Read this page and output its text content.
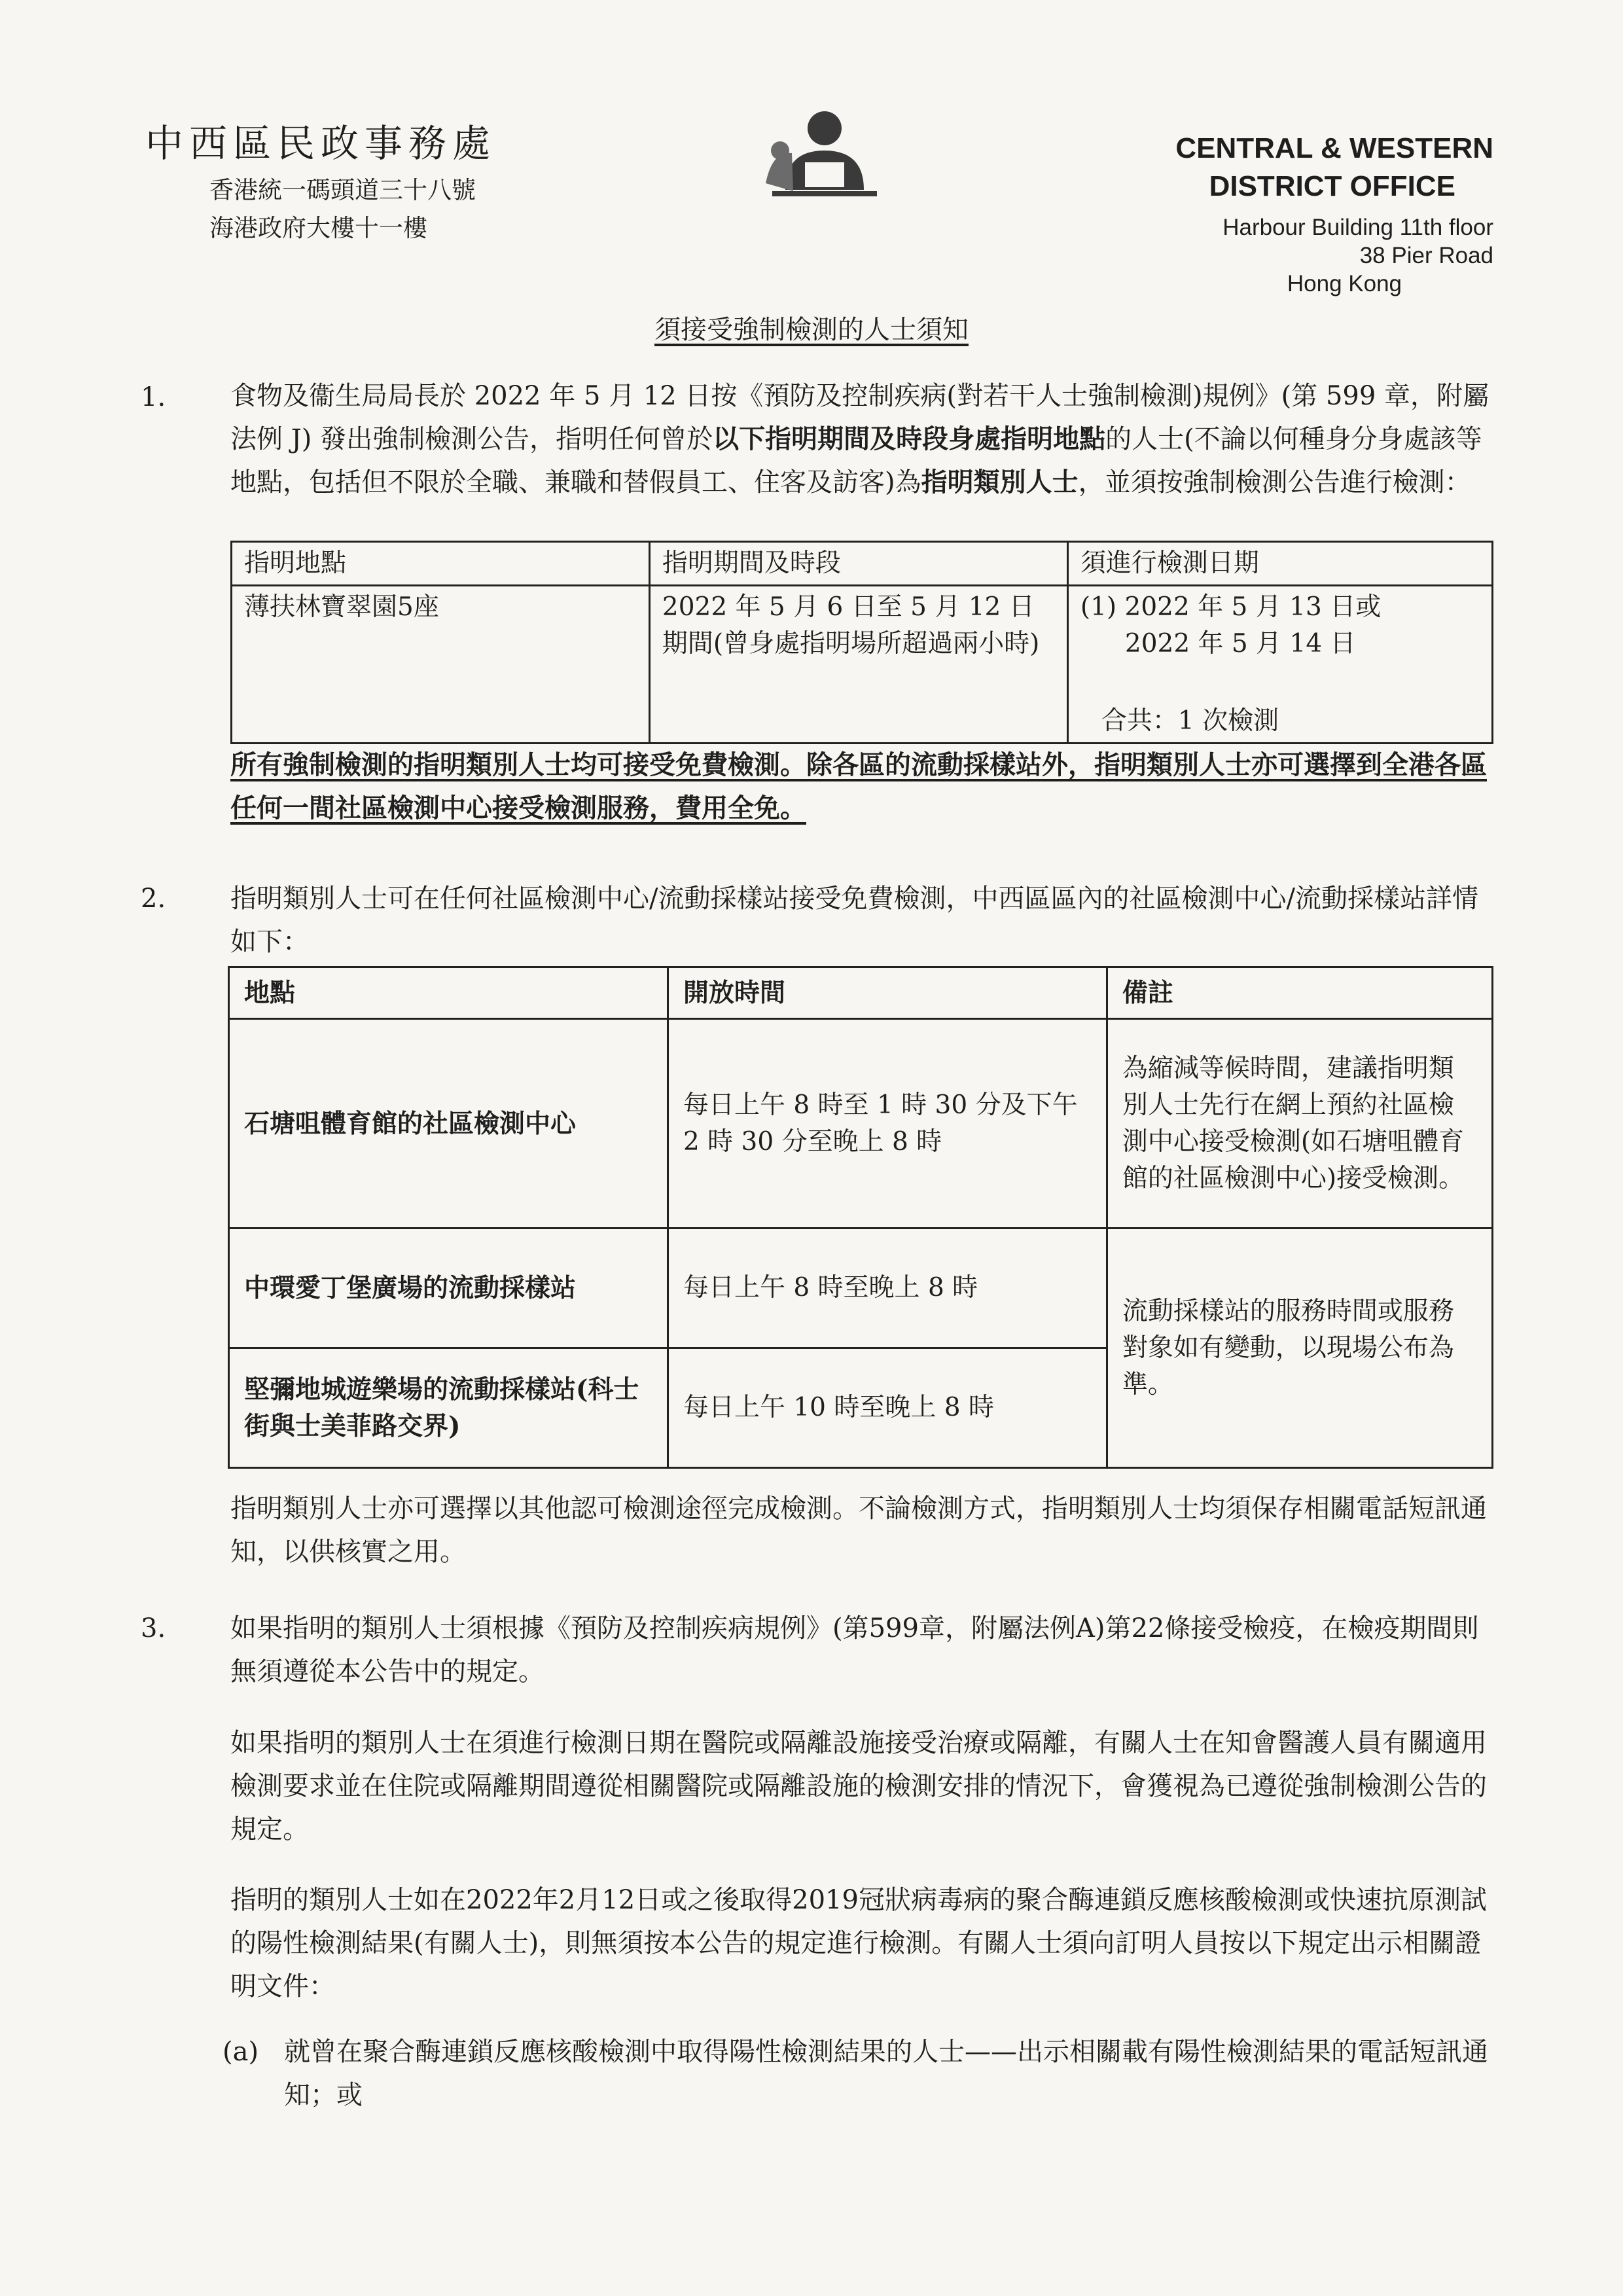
中西區民政事務處
香港統一碼頭道三十八號
海港政府大樓十一樓
CENTRAL & WESTERN
DISTRICT OFFICE
Harbour Building 11th floor
38 Pier Road
Hong Kong
須接受強制檢測的人士須知
1. 食物及衞生局局長於 2022 年 5 月 12 日按《預防及控制疾病(對若干人士強制檢測)規例》(第 599 章，附屬法例 J) 發出強制檢測公告，指明任何曾於以下指明期間及時段身處指明地點的人士(不論以何種身分身處該等地點，包括但不限於全職、兼職和替假員工、住客及訪客)為指明類別人士，並須按強制檢測公告進行檢測：
指明地點	指明期間及時段	須進行檢測日期
薄扶林寶翠園5座	2022 年 5 月 6 日至 5 月 12 日期間(曾身處指明場所超過兩小時)	(1) 2022 年 5 月 13 日或
2022 年 5 月 14 日
合共：1 次檢測
所有強制檢測的指明類別人士均可接受免費檢測。除各區的流動採樣站外，指明類別人士亦可選擇到全港各區任何一間社區檢測中心接受檢測服務，費用全免。
2. 指明類別人士可在任何社區檢測中心/流動採樣站接受免費檢測，中西區區內的社區檢測中心/流動採樣站詳情如下：
地點	開放時間	備註
石塘咀體育館的社區檢測中心	每日上午 8 時至 1 時 30 分及下午 2 時 30 分至晚上 8 時	為縮減等候時間，建議指明類別人士先行在網上預約社區檢測中心接受檢測(如石塘咀體育館的社區檢測中心)接受檢測。
中環愛丁堡廣場的流動採樣站	每日上午 8 時至晚上 8 時	流動採樣站的服務時間或服務對象如有變動，以現場公布為準。
堅彌地城遊樂場的流動採樣站(科士街與士美菲路交界)	每日上午 10 時至晚上 8 時	
指明類別人士亦可選擇以其他認可檢測途徑完成檢測。不論檢測方式，指明類別人士均須保存相關電話短訊通知，以供核實之用。
3. 如果指明的類別人士須根據《預防及控制疾病規例》(第599章，附屬法例A)第22條接受檢疫，在檢疫期間則無須遵從本公告中的規定。
如果指明的類別人士在須進行檢測日期在醫院或隔離設施接受治療或隔離，有關人士在知會醫護人員有關適用檢測要求並在住院或隔離期間遵從相關醫院或隔離設施的檢測安排的情況下，會獲視為已遵從強制檢測公告的規定。
指明的類別人士如在2022年2月12日或之後取得2019冠狀病毒病的聚合酶連鎖反應核酸檢測或快速抗原測試的陽性檢測結果(有關人士)，則無須按本公告的規定進行檢測。有關人士須向訂明人員按以下規定出示相關證明文件：
(a) 就曾在聚合酶連鎖反應核酸檢測中取得陽性檢測結果的人士——出示相關載有陽性檢測結果的電話短訊通知；或
